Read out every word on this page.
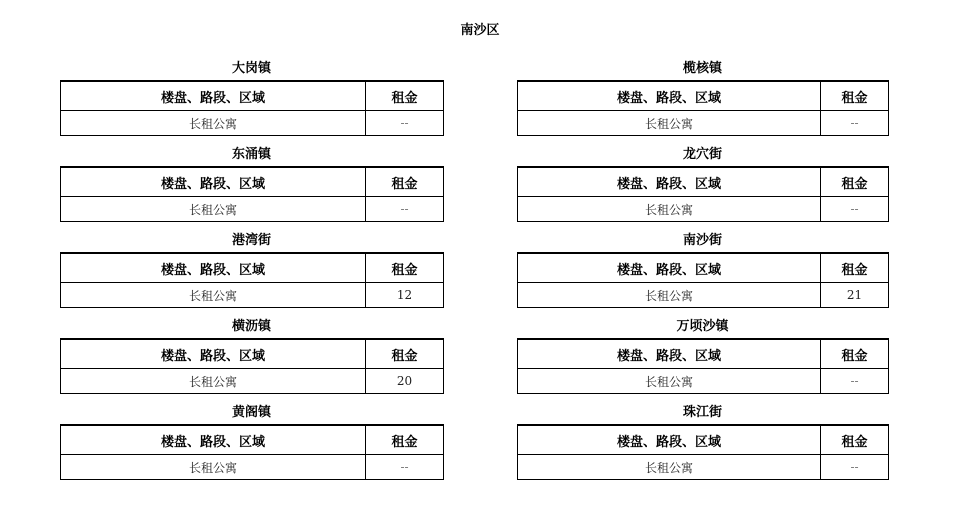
南沙区
大岗镇
楼盘、路段、区域	租金
长租公寓	--
东涌镇
楼盘、路段、区域	租金
长租公寓	--
港湾街
楼盘、路段、区域	租金
长租公寓	12
横沥镇
楼盘、路段、区域	租金
长租公寓	20
黄阁镇
楼盘、路段、区域	租金
长租公寓	--
榄核镇
楼盘、路段、区域	租金
长租公寓	--
龙穴街
楼盘、路段、区域	租金
长租公寓	--
南沙街
楼盘、路段、区域	租金
长租公寓	21
万顷沙镇
楼盘、路段、区域	租金
长租公寓	--
珠江街
楼盘、路段、区域	租金
长租公寓	--
